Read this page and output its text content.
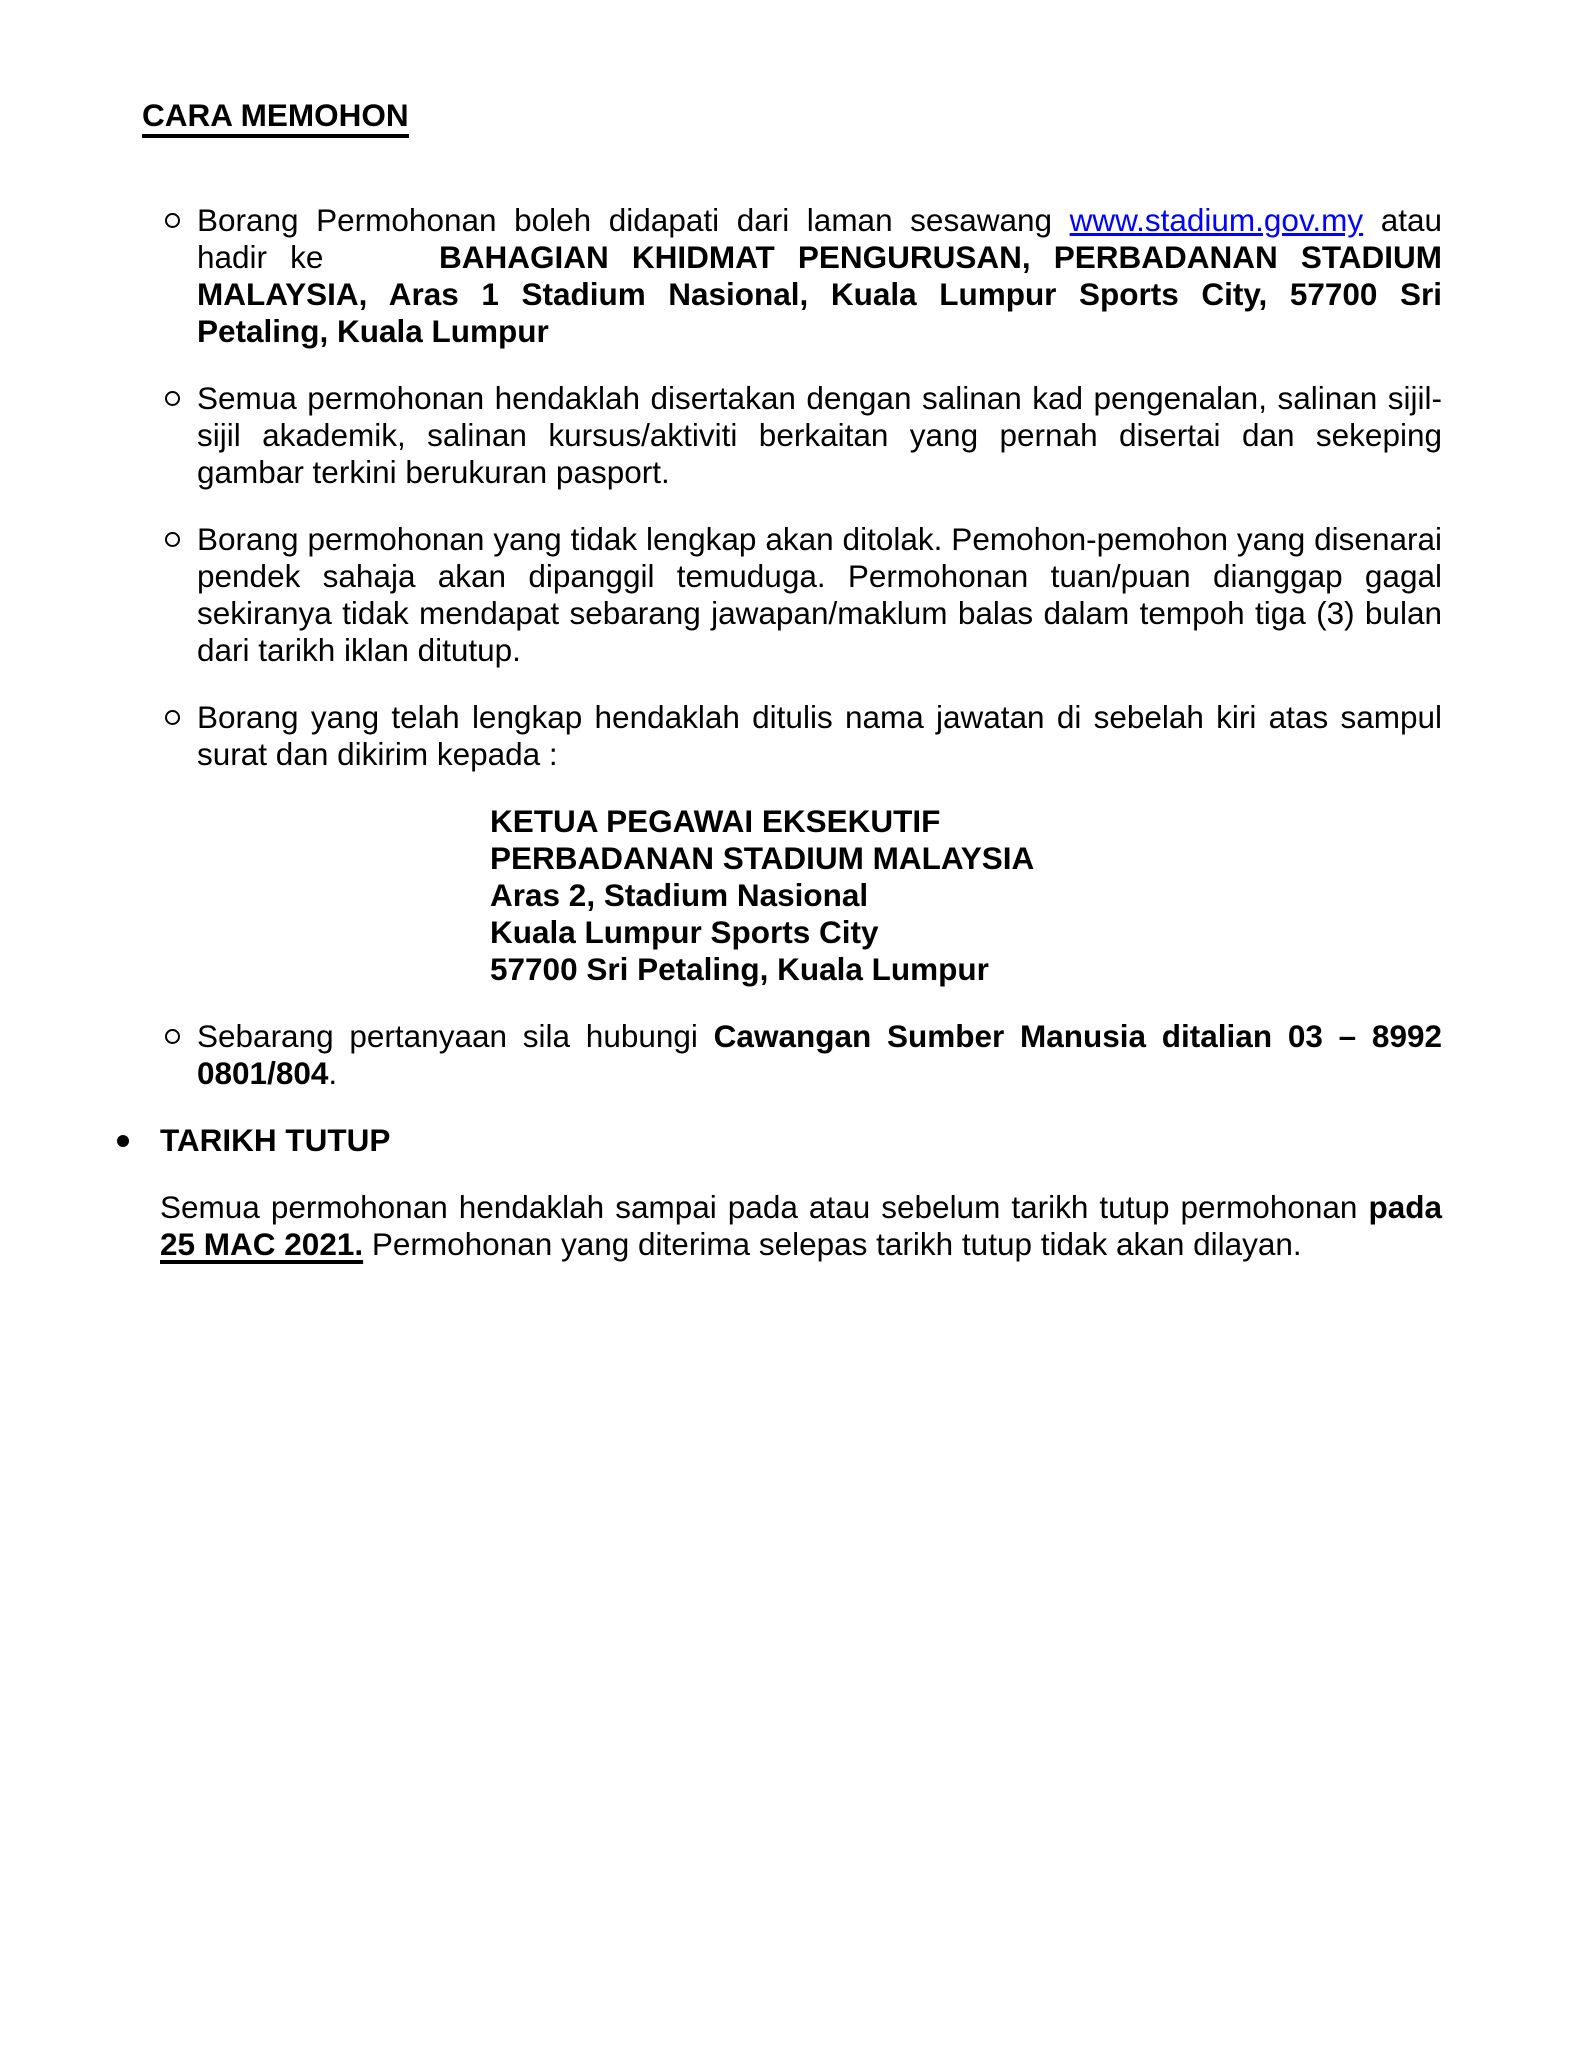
CARA MEMOHON

Borang Permohonan boleh didapati dari laman sesawang www.stadium.gov.my atau hadir ke	BAHAGIAN KHIDMAT PENGURUSAN, PERBADANAN STADIUM MALAYSIA, Aras 1 Stadium Nasional, Kuala Lumpur Sports City, 57700 Sri Petaling, Kuala Lumpur

Semua permohonan hendaklah disertakan dengan salinan kad pengenalan, salinan sijil-sijil akademik, salinan kursus/aktiviti berkaitan yang pernah disertai dan sekeping gambar terkini berukuran pasport.

Borang permohonan yang tidak lengkap akan ditolak. Pemohon-pemohon yang disenarai pendek sahaja akan dipanggil temuduga. Permohonan tuan/puan dianggap gagal sekiranya tidak mendapat sebarang jawapan/maklum balas dalam tempoh tiga (3) bulan dari tarikh iklan ditutup.

Borang yang telah lengkap hendaklah ditulis nama jawatan di sebelah kiri atas sampul surat dan dikirim kepada :

KETUA PEGAWAI EKSEKUTIF
PERBADANAN STADIUM MALAYSIA
Aras 2, Stadium Nasional
Kuala Lumpur Sports City
57700 Sri Petaling, Kuala Lumpur

Sebarang pertanyaan sila hubungi Cawangan Sumber Manusia ditalian 03 – 8992 0801/804.

TARIKH TUTUP

Semua permohonan hendaklah sampai pada atau sebelum tarikh tutup permohonan pada 25 MAC 2021. Permohonan yang diterima selepas tarikh tutup tidak akan dilayan.
